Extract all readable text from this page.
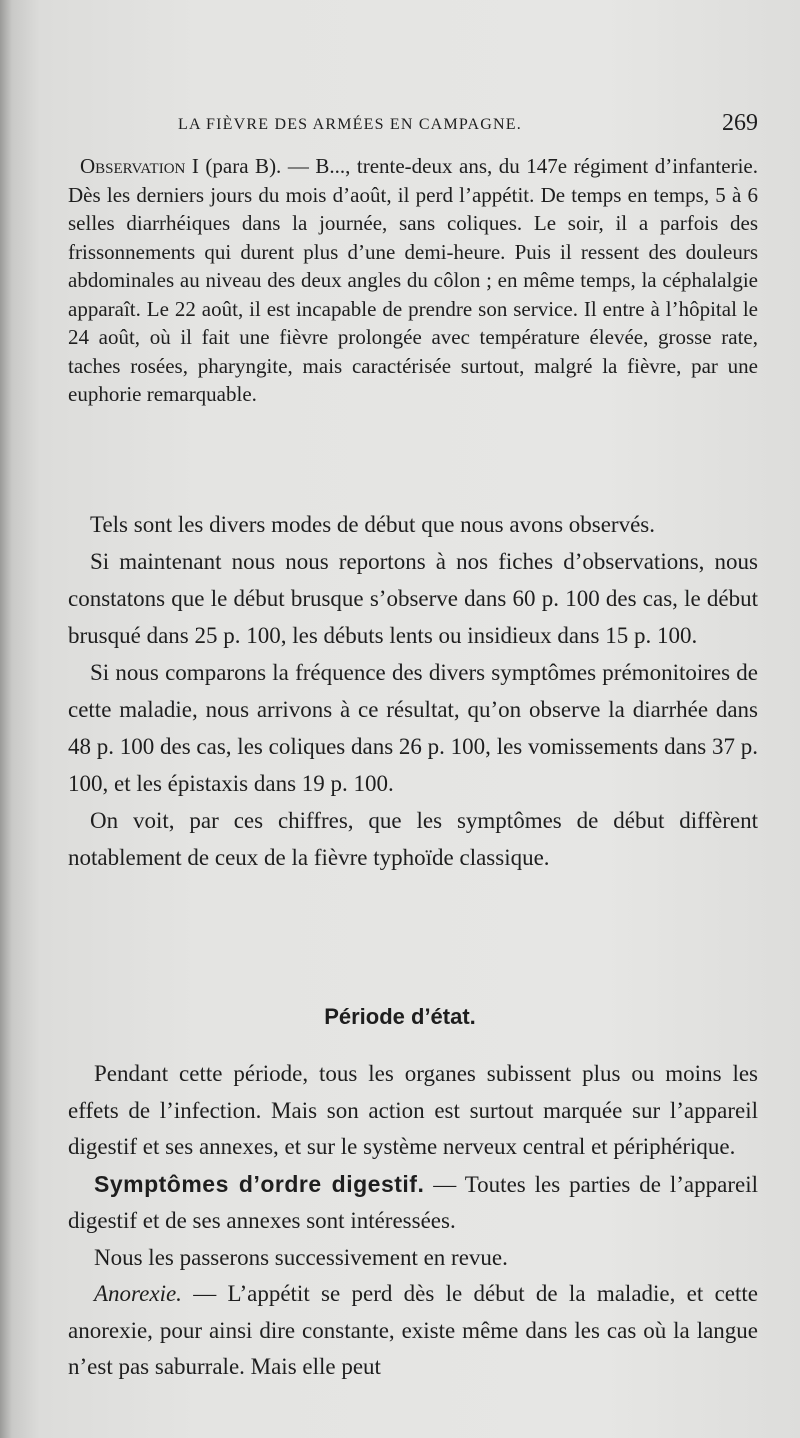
LA FIÈVRE DES ARMÉES EN CAMPAGNE.	269

Observation I (para B). — B..., trente-deux ans, du 147e régiment d’infanterie. Dès les derniers jours du mois d’août, il perd l’appétit. De temps en temps, 5 à 6 selles diarrhéiques dans la journée, sans coliques. Le soir, il a parfois des frissonnements qui durent plus d’une demi-heure. Puis il ressent des douleurs abdominales au niveau des deux angles du côlon ; en même temps, la céphalalgie apparaît. Le 22 août, il est incapable de prendre son service. Il entre à l’hôpital le 24 août, où il fait une fièvre prolongée avec température élevée, grosse rate, taches rosées, pharyngite, mais caractérisée surtout, malgré la fièvre, par une euphorie remarquable.

Tels sont les divers modes de début que nous avons observés.

Si maintenant nous nous reportons à nos fiches d’observations, nous constatons que le début brusque s’observe dans 60 p. 100 des cas, le début brusqué dans 25 p. 100, les débuts lents ou insidieux dans 15 p. 100.

Si nous comparons la fréquence des divers symptômes prémonitoires de cette maladie, nous arrivons à ce résultat, qu’on observe la diarrhée dans 48 p. 100 des cas, les coliques dans 26 p. 100, les vomissements dans 37 p. 100, et les épistaxis dans 19 p. 100.

On voit, par ces chiffres, que les symptômes de début diffèrent notablement de ceux de la fièvre typhoïde classique.

Période d’état.

Pendant cette période, tous les organes subissent plus ou moins les effets de l’infection. Mais son action est surtout marquée sur l’appareil digestif et ses annexes, et sur le système nerveux central et périphérique.

Symptômes d’ordre digestif. — Toutes les parties de l’appareil digestif et de ses annexes sont intéressées.

Nous les passerons successivement en revue.

Anorexie. — L’appétit se perd dès le début de la maladie, et cette anorexie, pour ainsi dire constante, existe même dans les cas où la langue n’est pas saburrale. Mais elle peut
